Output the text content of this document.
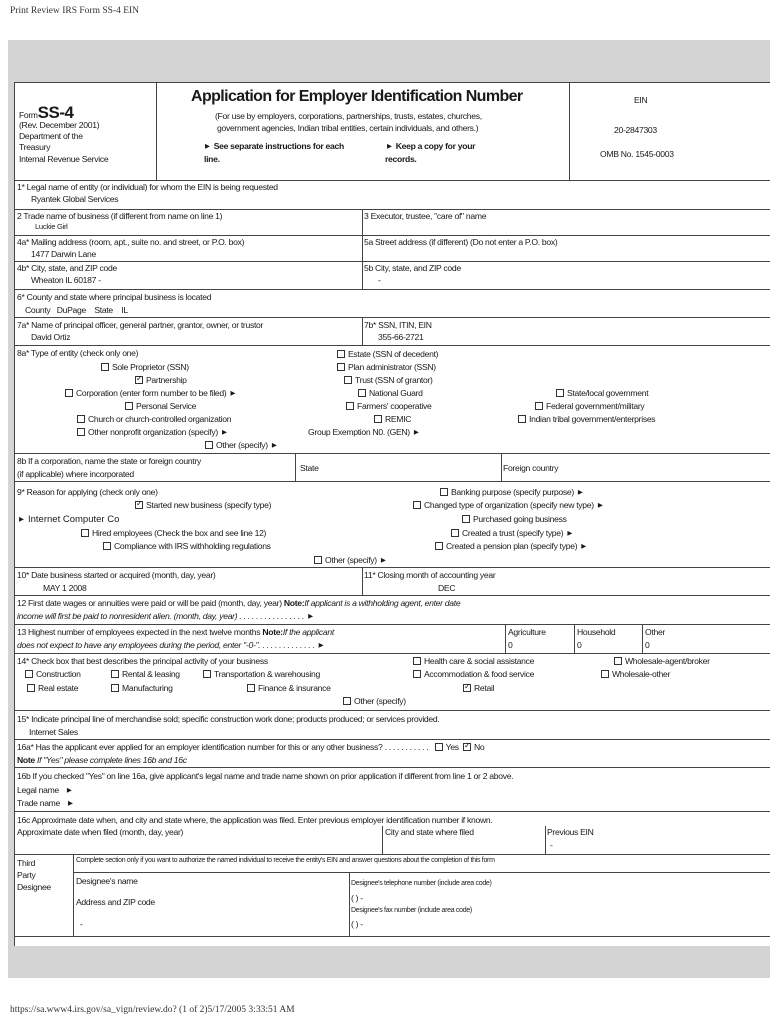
Print Review IRS Form SS-4 EIN
FormSS-4
(Rev. December 2001)
Department of the
Treasury
Internal Revenue Service
Application for Employer Identification Number
(For use by employers, corporations, partnerships, trusts, estates, churches,
government agencies, Indian tribal entities, certain individuals, and others.)
▶ See separate instructions for each
line.
▶ Keep a copy for your
records.
EIN
20-2847303
OMB No. 1545-0003
1* Legal name of entity (or individual) for whom the EIN is being requested
Ryantek Global Services
2 Trade name of business (if different from name on line 1)
Luckie Girl
3 Executor, trustee, "care of" name
4a* Mailing address (room, apt., suite no. and street, or P.O. box)
1477 Darwin Lane
5a Street address (if different) (Do not enter a P.O. box)
4b* City, state, and ZIP code
Wheaton IL 60187 -
5b City, state, and ZIP code
-
6* County and state where principal business is located
County DuPage State IL
7a* Name of principal officer, general partner, grantor, owner, or trustor
David Ortiz
7b* SSN, ITIN, EIN
355-66-2721
8a* Type of entity (check only one)
Sole Proprietor (SSN)
✓Partnership
Corporation (enter form number to be filed) ▶
Personal Service
Church or church-controlled organization
Other nonprofit organization (specify) ▶
Other (specify) ▶
Estate (SSN of decedent)
Plan administrator (SSN)
Trust (SSN of grantor)
National Guard
Farmers' cooperative
REMIC
Group Exemption N0. (GEN) ▶
State/local government
Federal government/military
Indian tribal government/enterprises
8b If a corporation, name the state or foreign country
(if applicable) where incorporated
State	Foreign country
9* Reason for applying (check only one)
✓Started new business (specify type)
▶ Internet Computer Co
Hired employees (Check the box and see line 12)
Compliance with IRS withholding regulations
Other (specify) ▶
Banking purpose (specify purpose) ▶
Changed type of organization (specify new type) ▶
Purchased going business
Created a trust (specify type) ▶
Created a pension plan (specify type) ▶
10* Date business started or acquired (month, day, year)
MAY 1 2008
11* Closing month of accounting year
DEC
12 First date wages or annuities were paid or will be paid (month, day, year) Note:If applicant is a withholding agent, enter date
income will first be paid to nonresident alien. (month, day, year) . . . . . . . . . . . . . . . . ▶
13 Highest number of employees expected in the next twelve months Note:If the applicant
does not expect to have any employees during the period, enter "-0-". . . . . . . . . . . . . . ▶
Agriculture
0
Household
0
Other
0
14* Check box that best describes the principal activity of your business
Construction	Rental & leasing	Transportation & warehousing
Real estate	Manufacturing	Finance & insurance
Health care & social assistance
Accommodation & food service
✓Retail
Other (specify)
Wholesale-agent/broker
Wholesale-other
15* Indicate principal line of merchandise sold; specific construction work done; products produced; or services provided.
Internet Sales
16a* Has the applicant ever applied for an employer identification number for this or any other business? . . . . . . . . . . . Yes  ✓ No
Note If "Yes" please complete lines 16b and 16c
16b If you checked "Yes" on line 16a, give applicant's legal name and trade name shown on prior application if different from line 1 or 2 above.
Legal name ▶
Trade name ▶
16c Approximate date when, and city and state where, the application was filed. Enter previous employer identification number if known.
Approximate date when filed (month, day, year)	City and state where filed	Previous EIN
-
Third
Party
Designee
Complete section only if you want to authorize the named individual to receive the entity's EIN and answer questions about the completion of this form
Designee's name
Address and ZIP code
-
Designee's telephone number (include area code)
( ) -
Designee's fax number (include area code)
( ) -
https://sa.www4.irs.gov/sa_vign/review.do? (1 of 2)5/17/2005 3:33:51 AM
